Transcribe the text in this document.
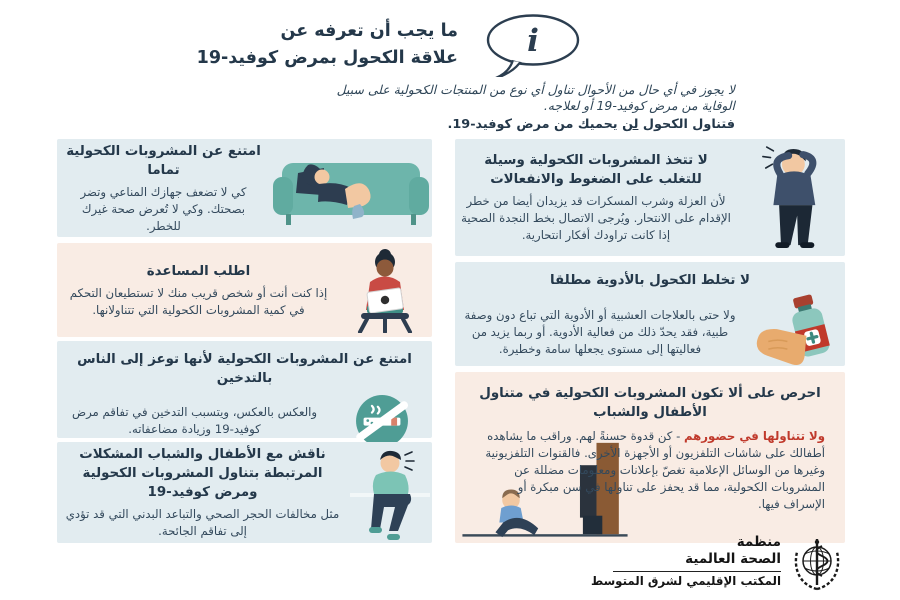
ما يجب أن تعرفه عن
علاقة الكحول بمرض كوفيد-19 i
لا يجوز في أي حال من الأحوال تناول أي نوع من المنتجات الكحولية على سبيل
الوقاية من مرض كوفيد-19 أو لعلاجه.
فتناول الكحول لن يحميك من مرض كوفيد-19.
امتنع عن المشروبات الكحولية تماما
كي لا تضعف جهازك المناعي وتضر بصحتك. وكي لا تُعرض صحة غيرك للخطر.
اطلب المساعدة
إذا كنت أنت أو شخص قريب منك لا تستطيعان التحكم في كمية المشروبات الكحولية التي تتناولانها.
امتنع عن المشروبات الكحولية لأنها توعز إلى الناس بالتدخين
والعكس بالعكس، ويتسبب التدخين في تفاقم مرض كوفيد-19 وزيادة مضاعفاته.
ناقش مع الأطفال والشباب المشكلات المرتبطة بتناول المشروبات الكحولية ومرض كوفيد-19
مثل مخالفات الحجر الصحي والتباعد البدني التي قد تؤدي إلى تفاقم الجائحة.
لا تتخذ المشروبات الكحولية وسيلة للتغلب على الضغوط والانفعالات
لأن العزلة وشرب المسكرات قد يزيدان أيضا من خطر الإقدام على الانتحار. ويُرجى الاتصال بخط النجدة الصحية إذا كانت تراودك أفكار انتحارية.
لا تخلط الكحول بالأدوية مطلقا
ولا حتى بالعلاجات العشبية أو الأدوية التي تباع دون وصفة طبية، فقد يحدّ ذلك من فعالية الأدوية. أو ربما يزيد من فعاليتها إلى مستوى يجعلها سامة وخطيرة.
احرص على ألا تكون المشروبات الكحولية في متناول الأطفال والشباب
ولا تتناولها في حضورهم - كن قدوة حسنةً لهم. وراقب ما يشاهده أطفالك على شاشات التلفزيون أو الأجهزة الأخرى. فالقنوات التلفزيونية وغيرها من الوسائل الإعلامية تغصّ بإعلانات ومعلومات مضللة عن المشروبات الكحولية، مما قد يحفز على تناولها في سن مبكرة أو الإسراف فيها.
منظمة
الصحة العالمية
المكتب الإقليمي لشرق المتوسط
